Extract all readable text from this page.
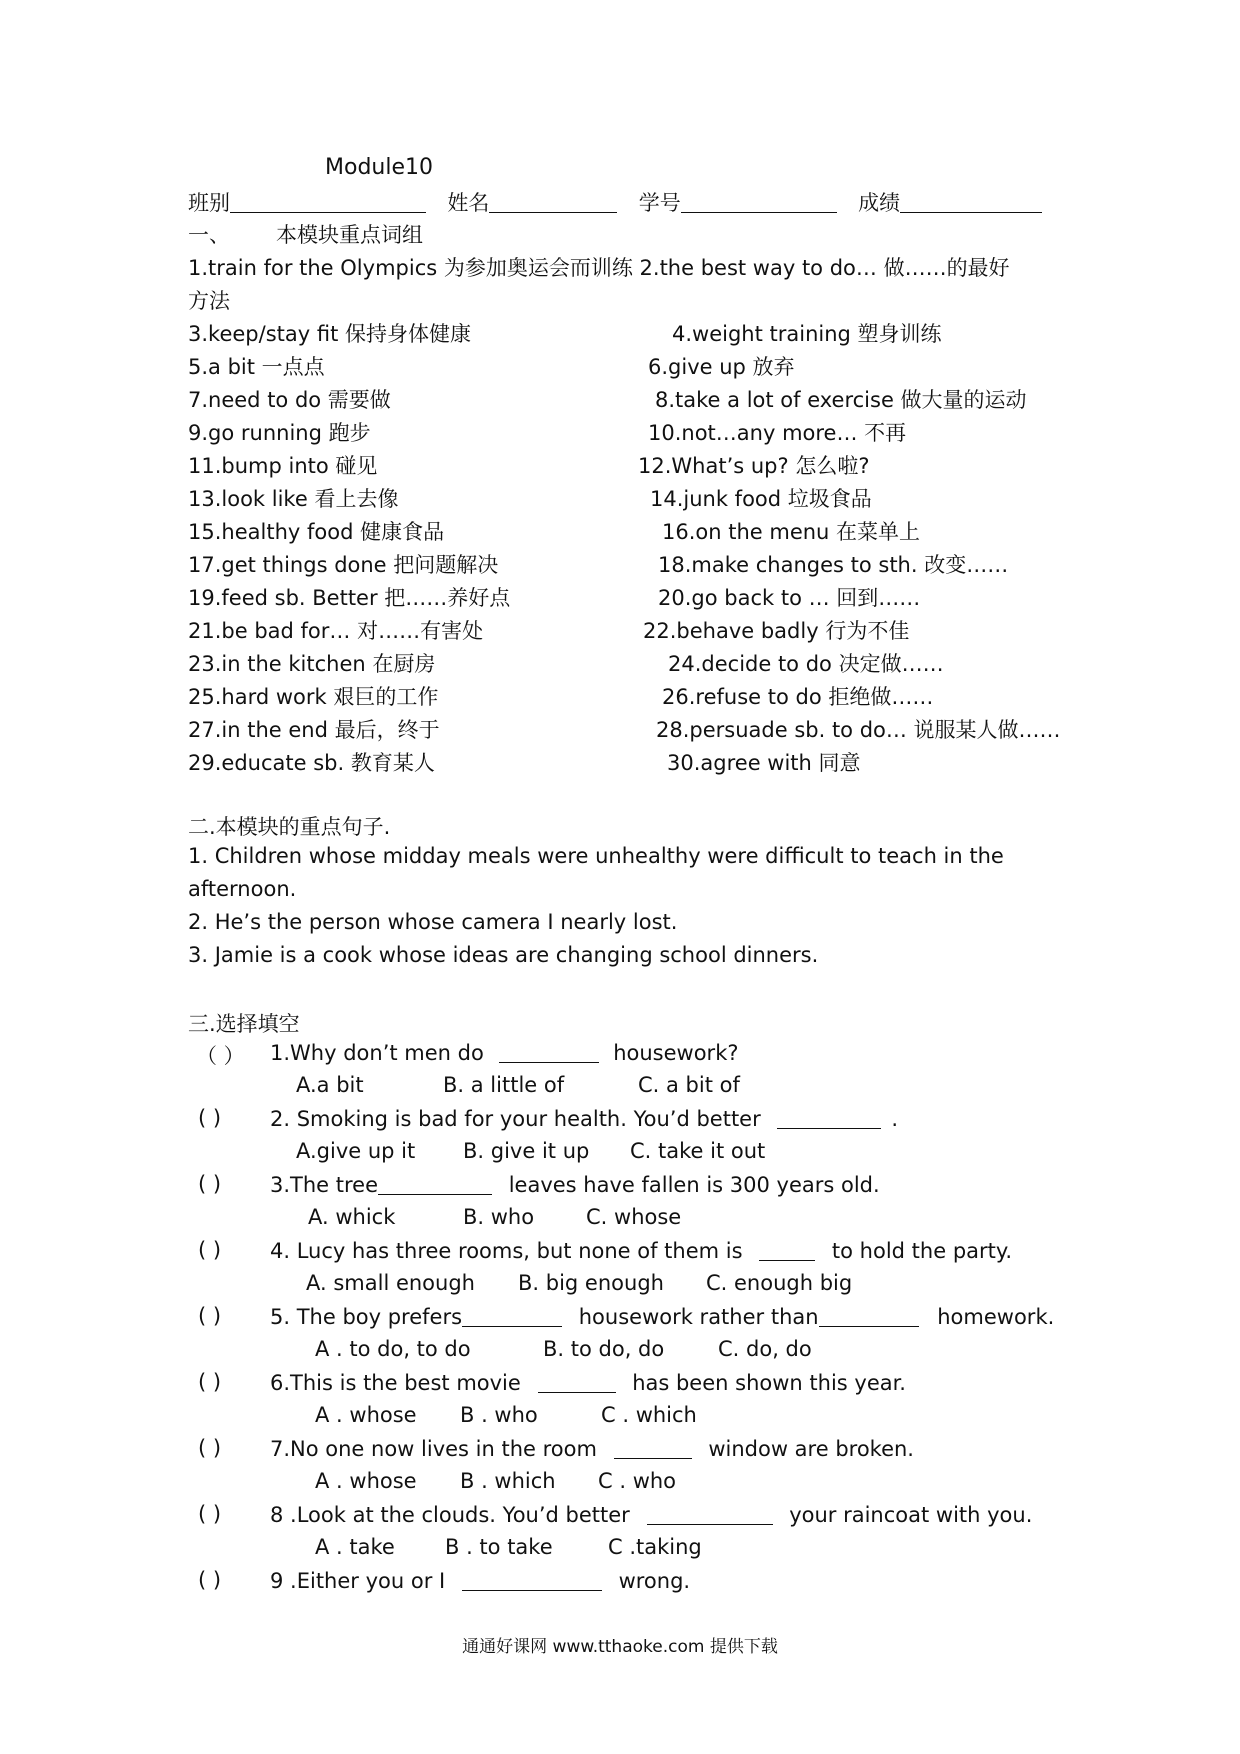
Module10
班别	姓名	学号	成绩
一、 本模块重点词组
1.train for the Olympics 为参加奥运会而训练 2.the best way to do… 做……的最好
方法
3.keep/stay fit 保持身体健康	4.weight training 塑身训练
5.a bit 一点点	6.give up 放弃
7.need to do 需要做	8.take a lot of exercise 做大量的运动
9.go running 跑步	10.not…any more… 不再
11.bump into 碰见	12.What’s up? 怎么啦?
13.look like 看上去像	14.junk food 垃圾食品
15.healthy food 健康食品	16.on the menu 在菜单上
17.get things done 把问题解决	18.make changes to sth. 改变……
19.feed sb. Better 把……养好点	20.go back to … 回到……
21.be bad for… 对……有害处	22.behave badly 行为不佳
23.in the kitchen 在厨房	24.decide to do 决定做……
25.hard work 艰巨的工作	26.refuse to do 拒绝做……
27.in the end 最后，终于	28.persuade sb. to do… 说服某人做……
29.educate sb. 教育某人	30.agree with 同意
二.本模块的重点句子.
1. Children whose midday meals were unhealthy were difficult to teach in the
afternoon.
2. He’s the person whose camera I nearly lost.
3. Jamie is a cook whose ideas are changing school dinners.
三.选择填空
（ ） 1.Why don’t men do	housework?
A.a bit	B. a little of	C. a bit of
( ) 2. Smoking is bad for your health. You’d better	.
A.give up it B. give it up C. take it out
( ) 3.The tree	leaves have fallen is 300 years old.
A. whick	B. who C. whose
( ) 4. Lucy has three rooms, but none of them is	to hold the party.
A. small enough B. big enough C. enough big
( ) 5. The boy prefers	housework rather than	homework.
A . to do, to do	B. to do, do	C. do, do
( ) 6.This is the best movie	has been shown this year.
A . whose B . who	C . which
( ) 7.No one now lives in the room	window are broken.
A . whose B . which C . who
( ) 8 .Look at the clouds. You’d better	your raincoat with you.
A . take B . to take	C .taking
( ) 9 .Either you or I	wrong.
通通好课网 www.tthaoke.com 提供下载
